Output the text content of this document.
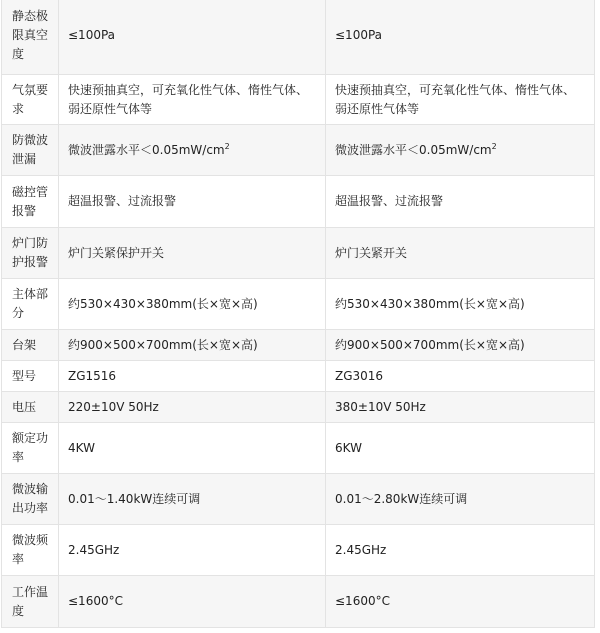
静态极限真空度	≤100Pa	≤100Pa
气氛要求	快速预抽真空，可充氧化性气体、惰性气体、弱还原性气体等	快速预抽真空，可充氧化性气体、惰性气体、弱还原性气体等
防微波泄漏	微波泄露水平$<0.05mW/cm^2$	微波泄露水平$<0.05mW/cm^2$
磁控管报警	超温报警、过流报警	超温报警、过流报警
炉门防护报警	炉门关紧保护开关	炉门关紧开关
主体部分	约530×430×380mm(长×宽×高)	约530×430×380mm(长×宽×高)
台架	约900×500×700mm(长×宽×高)	约900×500×700mm(长×宽×高)
型号	ZG1516	ZG3016
电压	220±10V 50Hz	380±10V 50Hz
额定功率	4KW	6KW
微波输出功率	0.01～1.40kW连续可调	0.01～2.80kW连续可调
微波频率	2.45GHz	2.45GHz
工作温度	≤1600°C	≤1600°C
